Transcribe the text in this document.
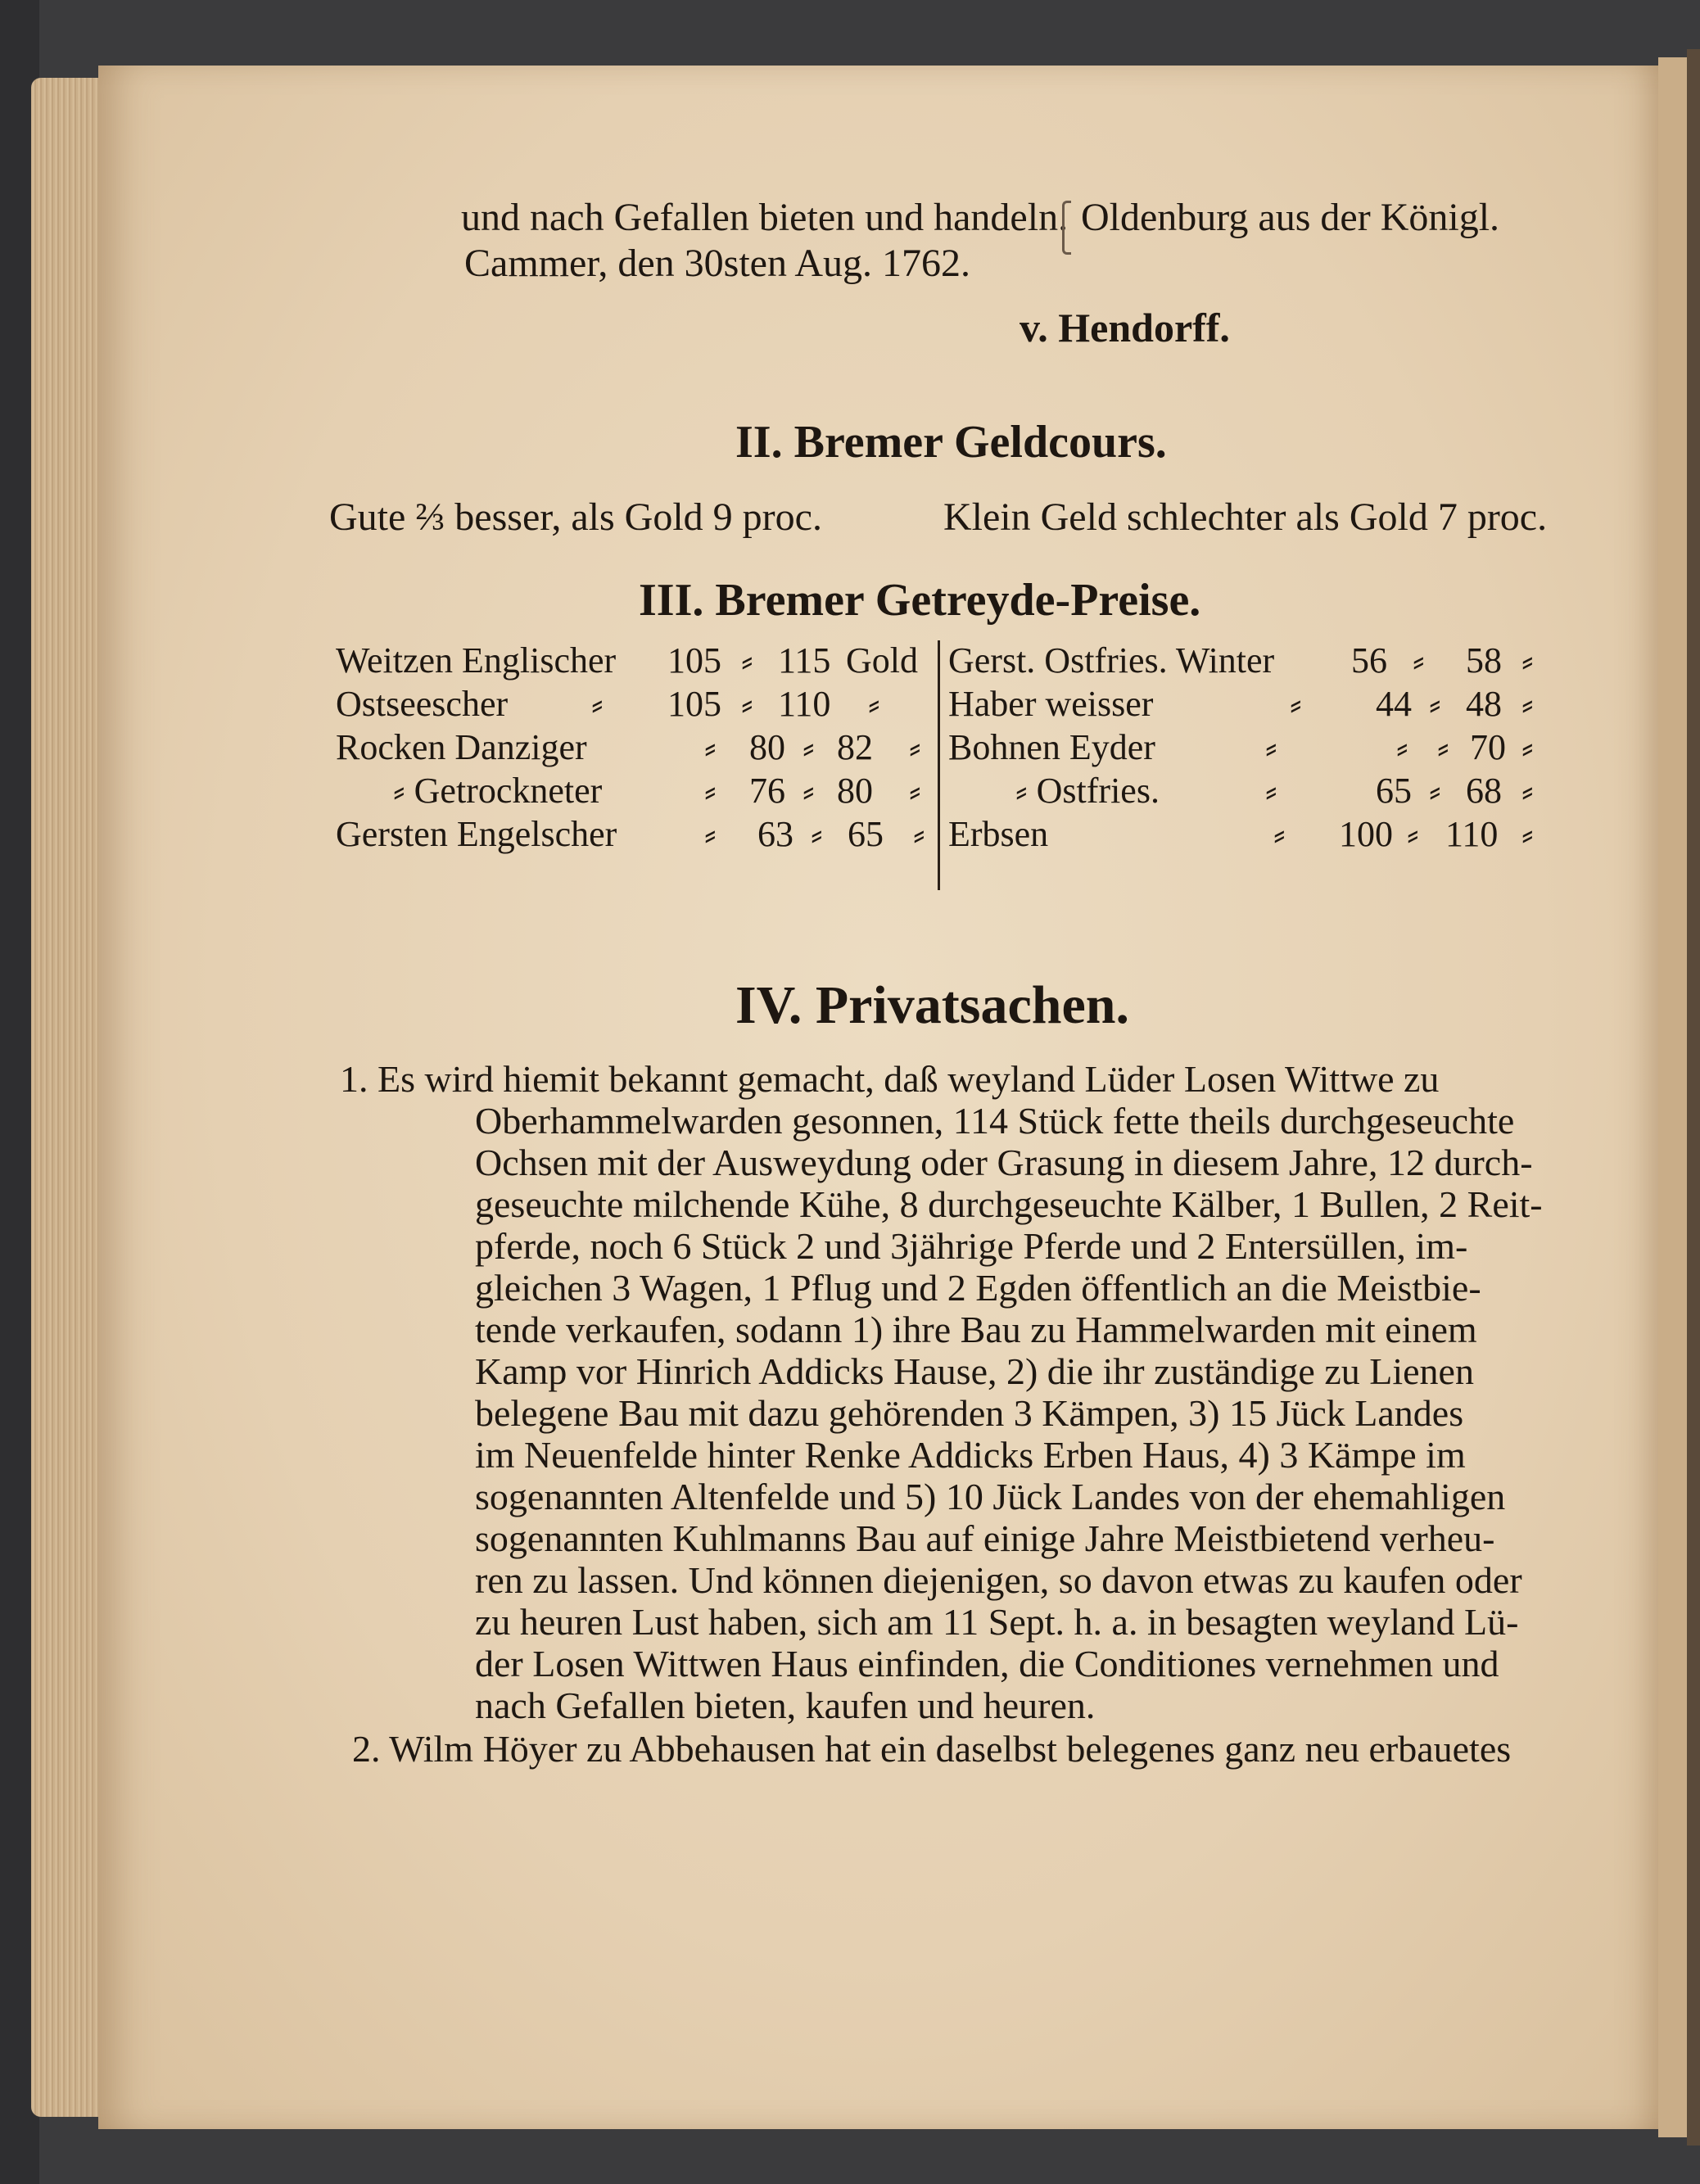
und nach Gefallen bieten und handeln. Oldenburg aus der Königl.
Cammer, den 30sten Aug. 1762.
v. Hendorff.
II. Bremer Geldcours.
Gute ⅔ besser, als Gold 9 proc.	Klein Geld schlechter als Gold 7 proc.
III. Bremer Getreyde-Preise.
Weitzen Englischer 105 ⸗ 115 Gold
Ostseescher ⸗ 105 ⸗ 110 ⸗
Rocken Danziger	⸗ 80 ⸗ 82 ⸗
⸗ Getrockneter	⸗ 76 ⸗ 80 ⸗
Gersten Engelscher ⸗ 63 ⸗ 65 ⸗
Gerst. Ostfries. Winter 56 ⸗ 58 ⸗
Haber weisser	⸗ 44 ⸗ 48 ⸗
Bohnen Eyder	⸗	⸗ ⸗ 70 ⸗
⸗ Ostfries.	⸗	65 ⸗ 68 ⸗
Erbsen	⸗ 100 ⸗ 110 ⸗
IV. Privatsachen.
1. Es wird hiemit bekannt gemacht, daß weyland Lüder Losen Wittwe zu
Oberhammelwarden gesonnen, 114 Stück fette theils durchgeseuchte
Ochsen mit der Ausweydung oder Grasung in diesem Jahre, 12 durch-
geseuchte milchende Kühe, 8 durchgeseuchte Kälber, 1 Bullen, 2 Reit-
pferde, noch 6 Stück 2 und 3jährige Pferde und 2 Entersüllen, im-
gleichen 3 Wagen, 1 Pflug und 2 Egden öffentlich an die Meistbie-
tende verkaufen, sodann 1) ihre Bau zu Hammelwarden mit einem
Kamp vor Hinrich Addicks Hause, 2) die ihr zuständige zu Lienen
belegene Bau mit dazu gehörenden 3 Kämpen, 3) 15 Jück Landes
im Neuenfelde hinter Renke Addicks Erben Haus, 4) 3 Kämpe im
sogenannten Altenfelde und 5) 10 Jück Landes von der ehemahligen
sogenannten Kuhlmanns Bau auf einige Jahre Meistbietend verheu-
ren zu lassen. Und können diejenigen, so davon etwas zu kaufen oder
zu heuren Lust haben, sich am 11 Sept. h. a. in besagten weyland Lü-
der Losen Wittwen Haus einfinden, die Conditiones vernehmen und
nach Gefallen bieten, kaufen und heuren.
2. Wilm Höyer zu Abbehausen hat ein daselbst belegenes ganz neu erbauetes
